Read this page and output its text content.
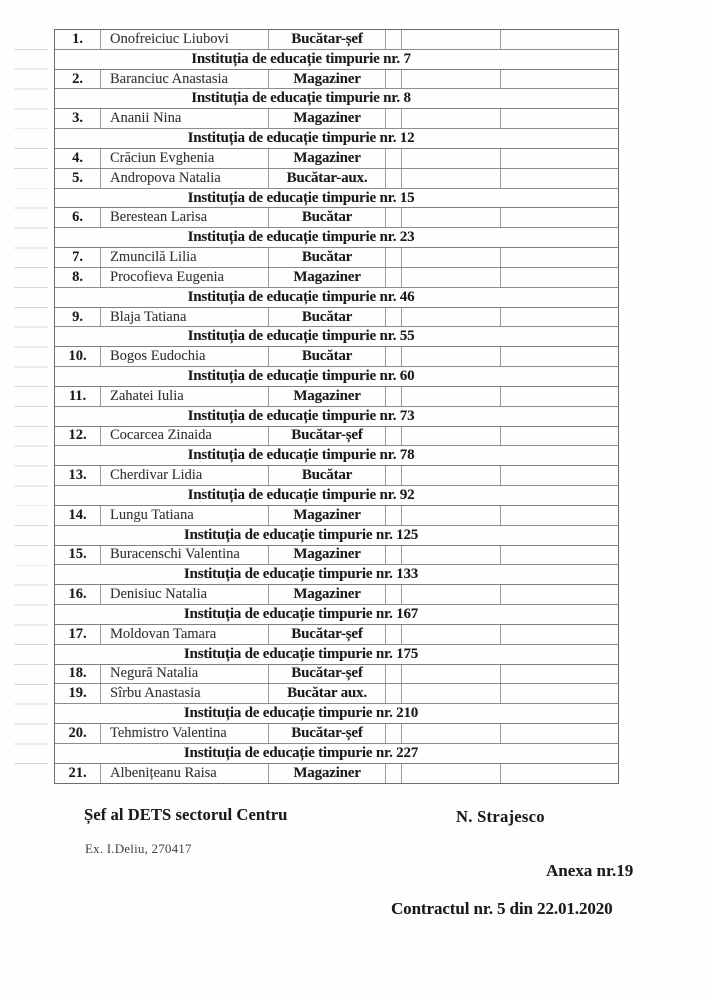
1. Onofreiciuc Liubovi	Bucătar-șef
Instituția de educație timpurie nr. 7
2. Baranciuc Anastasia	Magaziner
Instituția de educație timpurie nr. 8
3. Ananii Nina	Magaziner
Instituția de educație timpurie nr. 12
4. Crăciun Evghenia	Magaziner
5. Andropova Natalia	Bucătar-aux.
Instituția de educație timpurie nr. 15
6. Berestean Larisa	Bucătar
Instituția de educație timpurie nr. 23
7. Zmuncilă Lilia	Bucătar
8. Procofieva Eugenia	Magaziner
Instituția de educație timpurie nr. 46
9. Blaja Tatiana	Bucătar
Instituția de educație timpurie nr. 55
10. Bogos Eudochia	Bucătar
Instituția de educație timpurie nr. 60
11. Zahatei Iulia	Magaziner
Instituția de educație timpurie nr. 73
12. Cocarcea Zinaida	Bucătar-șef
Instituția de educație timpurie nr. 78
13. Cherdivar Lidia	Bucătar
Instituția de educație timpurie nr. 92
14. Lungu Tatiana	Magaziner
Instituția de educație timpurie nr. 125
15. Buracenschi Valentina	Magaziner
Instituția de educație timpurie nr. 133
16. Denisiuc Natalia	Magaziner
Instituția de educație timpurie nr. 167
17. Moldovan Tamara	Bucătar-șef
Instituția de educație timpurie nr. 175
18. Negură Natalia	Bucătar-șef
19. Sîrbu Anastasia	Bucătar aux.
Instituția de educație timpurie nr. 210
20. Tehmistro Valentina	Bucătar-șef
Instituția de educație timpurie nr. 227
21. Albenițeanu Raisa	Magaziner
Șef al DETS sectorul Centru	N. Strajesco
Ex. I.Deliu, 270417
Anexa nr.19
Contractul nr. 5 din 22.01.2020
